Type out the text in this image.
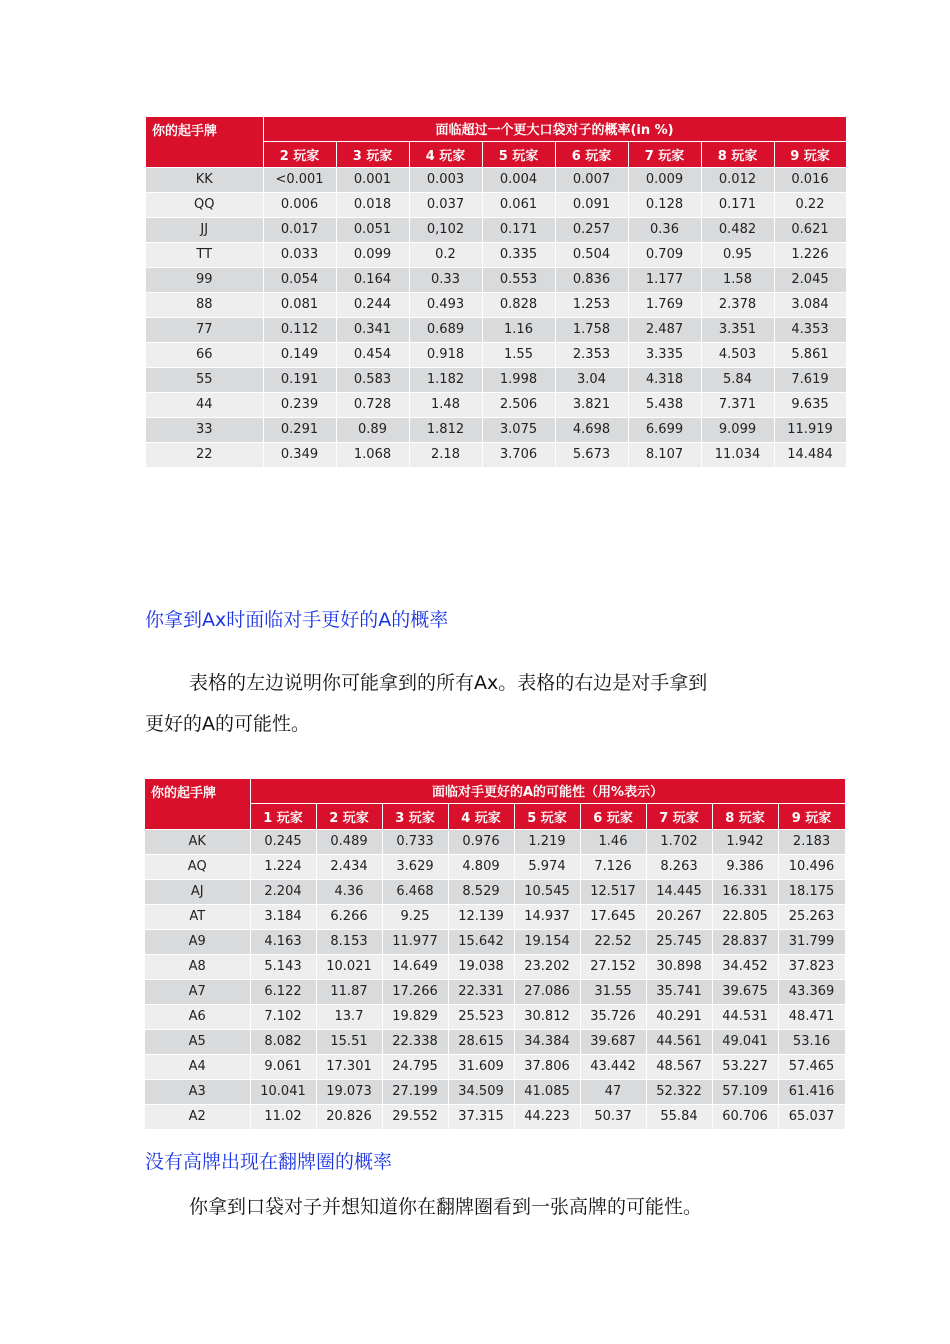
你的起手牌	面临超过一个更大口袋对子的概率(in %)							
	2 玩家	3 玩家	4 玩家	5 玩家	6 玩家	7 玩家	8 玩家	9 玩家
KK	<0.001	0.001	0.003	0.004	0.007	0.009	0.012	0.016
QQ	0.006	0.018	0.037	0.061	0.091	0.128	0.171	0.22
JJ	0.017	0.051	0,102	0.171	0.257	0.36	0.482	0.621
TT	0.033	0.099	0.2	0.335	0.504	0.709	0.95	1.226
99	0.054	0.164	0.33	0.553	0.836	1.177	1.58	2.045
88	0.081	0.244	0.493	0.828	1.253	1.769	2.378	3.084
77	0.112	0.341	0.689	1.16	1.758	2.487	3.351	4.353
66	0.149	0.454	0.918	1.55	2.353	3.335	4.503	5.861
55	0.191	0.583	1.182	1.998	3.04	4.318	5.84	7.619
44	0.239	0.728	1.48	2.506	3.821	5.438	7.371	9.635
33	0.291	0.89	1.812	3.075	4.698	6.699	9.099	11.919
22	0.349	1.068	2.18	3.706	5.673	8.107	11.034	14.484
你拿到Ax时面临对手更好的A的概率
表格的左边说明你可能拿到的所有Ax。表格的右边是对手拿到
更好的A的可能性。
你的起手牌	面临对手更好的A的可能性（用%表示）								
	1 玩家	2 玩家	3 玩家	4 玩家	5 玩家	6 玩家	7 玩家	8 玩家	9 玩家
AK	0.245	0.489	0.733	0.976	1.219	1.46	1.702	1.942	2.183
AQ	1.224	2.434	3.629	4.809	5.974	7.126	8.263	9.386	10.496
AJ	2.204	4.36	6.468	8.529	10.545	12.517	14.445	16.331	18.175
AT	3.184	6.266	9.25	12.139	14.937	17.645	20.267	22.805	25.263
A9	4.163	8.153	11.977	15.642	19.154	22.52	25.745	28.837	31.799
A8	5.143	10.021	14.649	19.038	23.202	27.152	30.898	34.452	37.823
A7	6.122	11.87	17.266	22.331	27.086	31.55	35.741	39.675	43.369
A6	7.102	13.7	19.829	25.523	30.812	35.726	40.291	44.531	48.471
A5	8.082	15.51	22.338	28.615	34.384	39.687	44.561	49.041	53.16
A4	9.061	17.301	24.795	31.609	37.806	43.442	48.567	53.227	57.465
A3	10.041	19.073	27.199	34.509	41.085	47	52.322	57.109	61.416
A2	11.02	20.826	29.552	37.315	44.223	50.37	55.84	60.706	65.037
没有高牌出现在翻牌圈的概率
你拿到口袋对子并想知道你在翻牌圈看到一张高牌的可能性。
